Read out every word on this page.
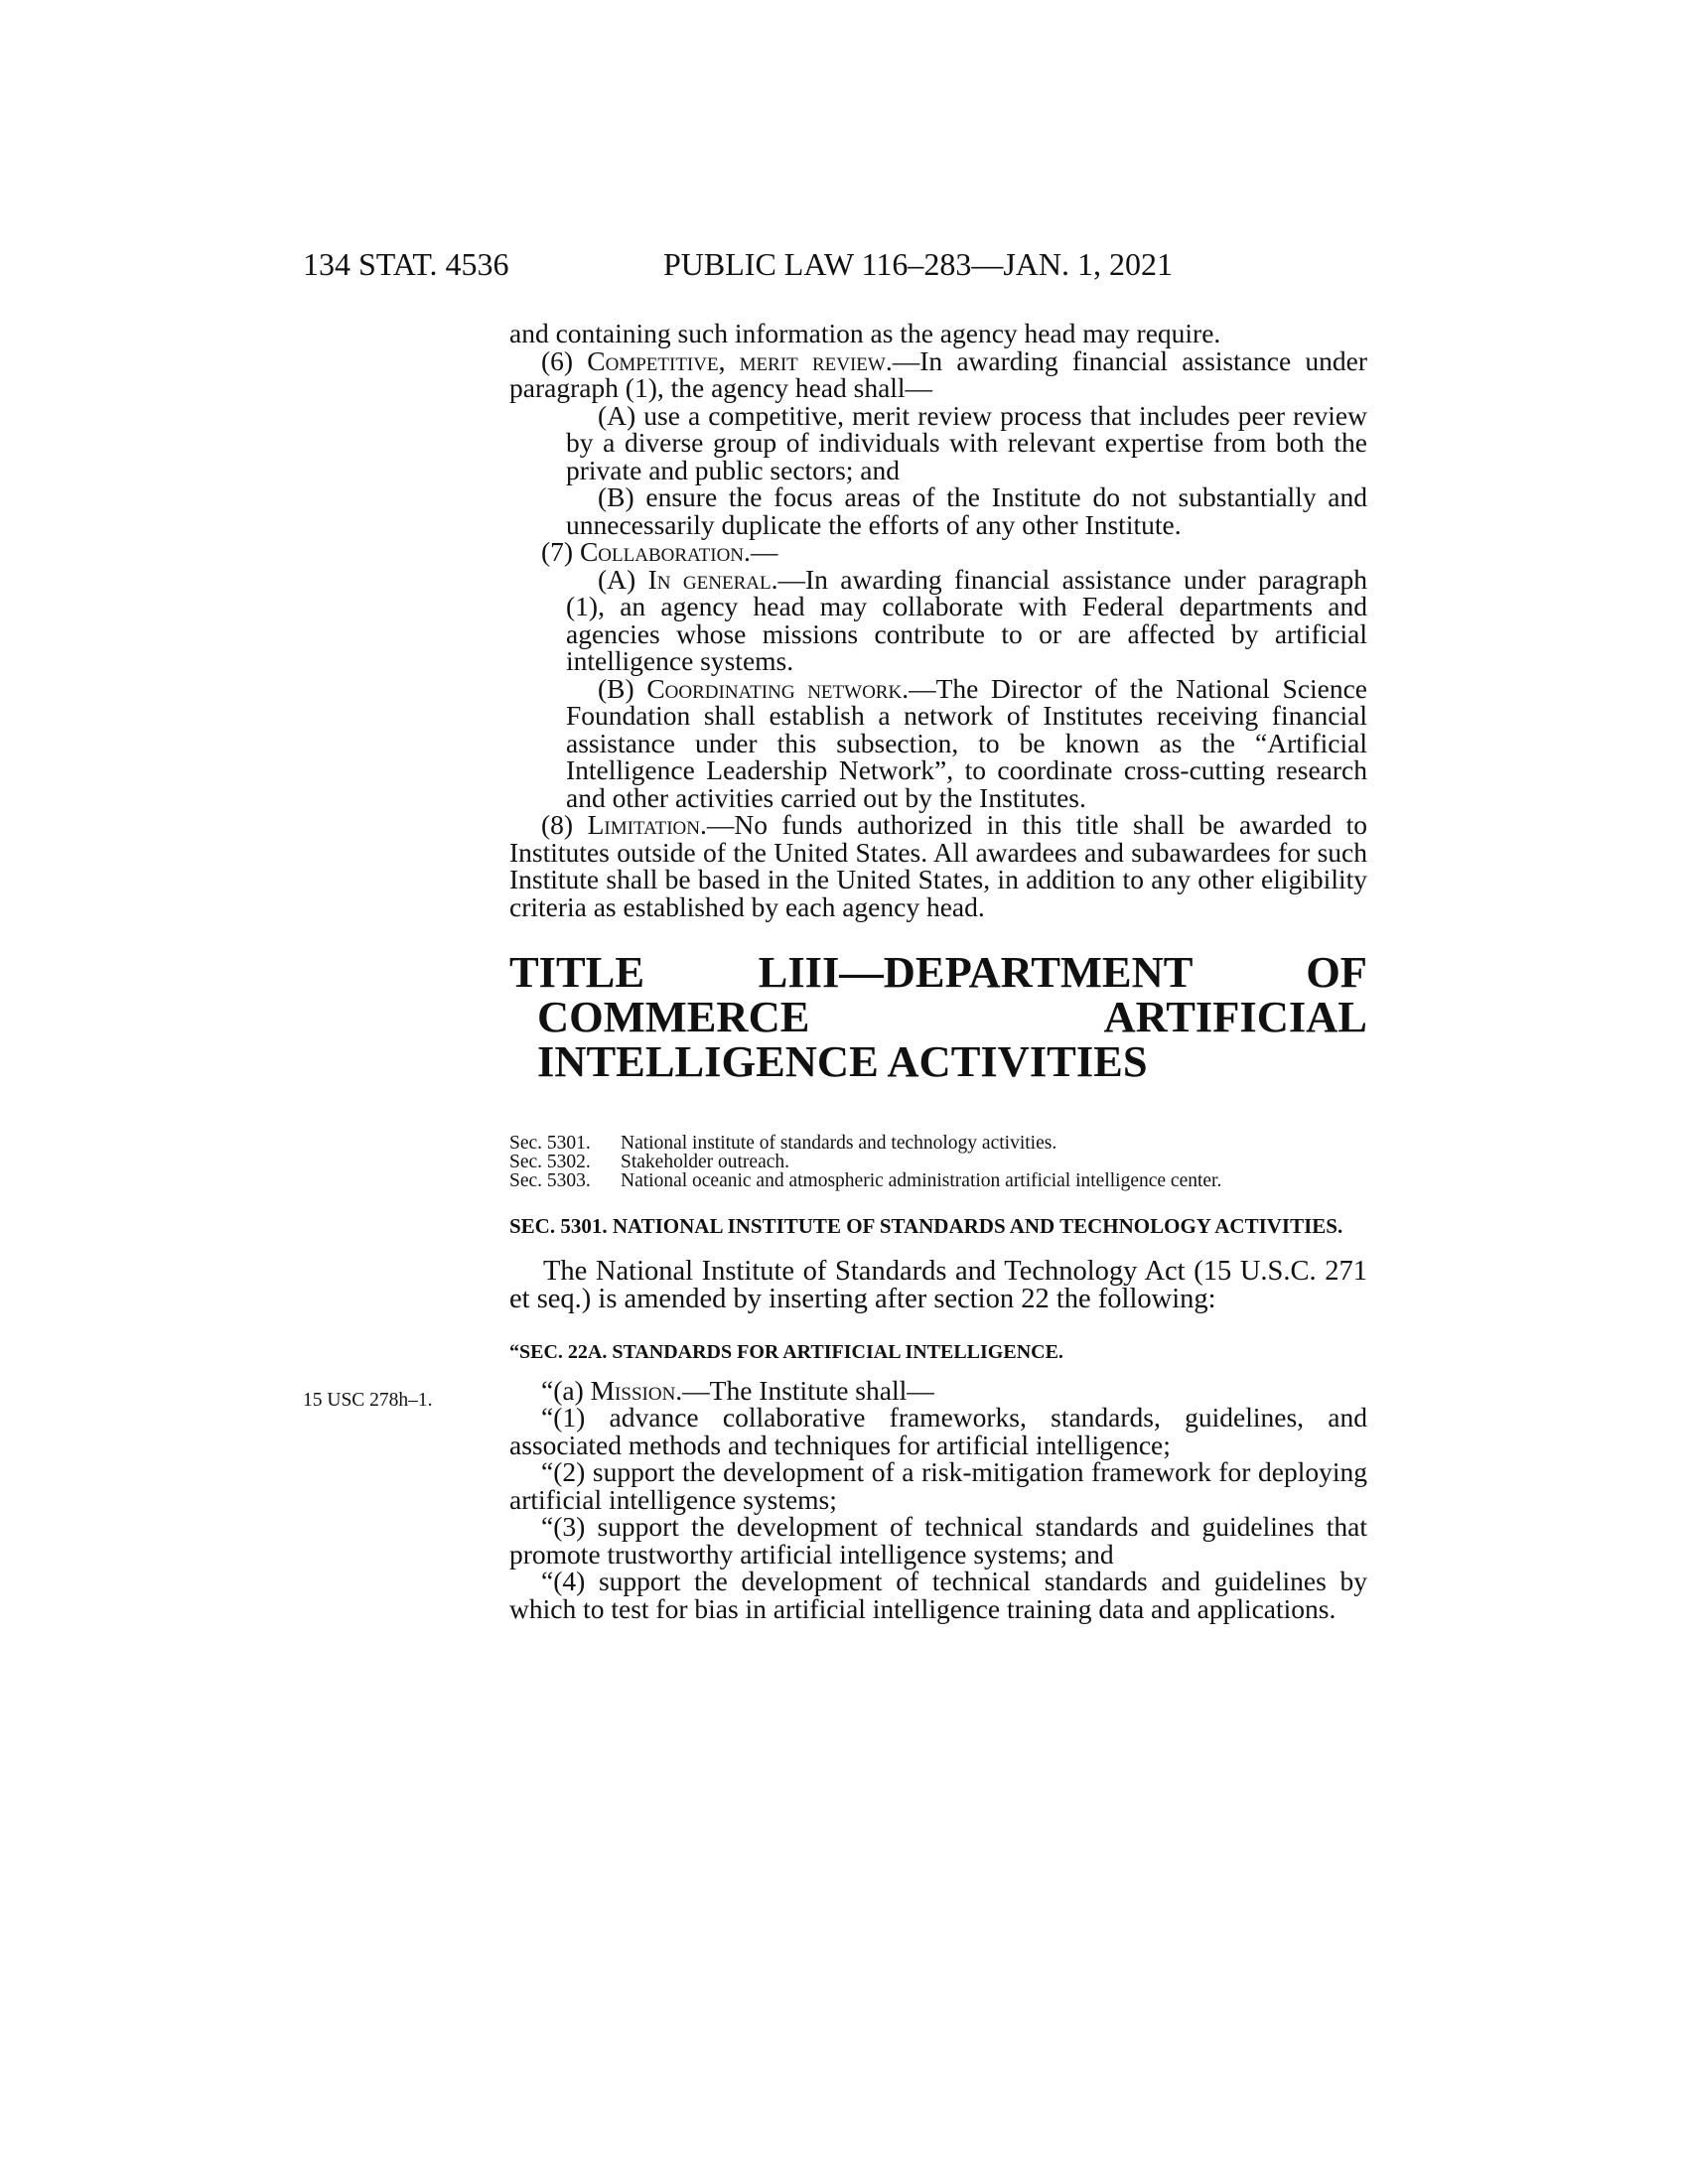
134 STAT. 4536	PUBLIC LAW 116–283—JAN. 1, 2021

and containing such information as the agency head may require.

(6) Competitive, merit review.—In awarding financial assistance under paragraph (1), the agency head shall—

(A) use a competitive, merit review process that includes peer review by a diverse group of individuals with relevant expertise from both the private and public sectors; and

(B) ensure the focus areas of the Institute do not substantially and unnecessarily duplicate the efforts of any other Institute.

(7) Collaboration.—

(A) In general.—In awarding financial assistance under paragraph (1), an agency head may collaborate with Federal departments and agencies whose missions contribute to or are affected by artificial intelligence systems.

(B) Coordinating network.—The Director of the National Science Foundation shall establish a network of Institutes receiving financial assistance under this subsection, to be known as the “Artificial Intelligence Leadership Network”, to coordinate cross-cutting research and other activities carried out by the Institutes.

(8) Limitation.—No funds authorized in this title shall be awarded to Institutes outside of the United States. All awardees and subawardees for such Institute shall be based in the United States, in addition to any other eligibility criteria as established by each agency head.

TITLE LIII—DEPARTMENT OF COMMERCE ARTIFICIAL INTELLIGENCE ACTIVITIES
Sec. 5301.	National institute of standards and technology activities.
Sec. 5302.	Stakeholder outreach.
Sec. 5303.	National oceanic and atmospheric administration artificial intelligence center.
SEC. 5301. NATIONAL INSTITUTE OF STANDARDS AND TECHNOLOGY ACTIVITIES.

The National Institute of Standards and Technology Act (15 U.S.C. 271 et seq.) is amended by inserting after section 22 the following:

“SEC. 22A. STANDARDS FOR ARTIFICIAL INTELLIGENCE.

“(a) Mission.—The Institute shall—

“(1) advance collaborative frameworks, standards, guidelines, and associated methods and techniques for artificial intelligence;

“(2) support the development of a risk-mitigation framework for deploying artificial intelligence systems;

“(3) support the development of technical standards and guidelines that promote trustworthy artificial intelligence systems; and

“(4) support the development of technical standards and guidelines by which to test for bias in artificial intelligence training data and applications.

15 USC 278h–1.
